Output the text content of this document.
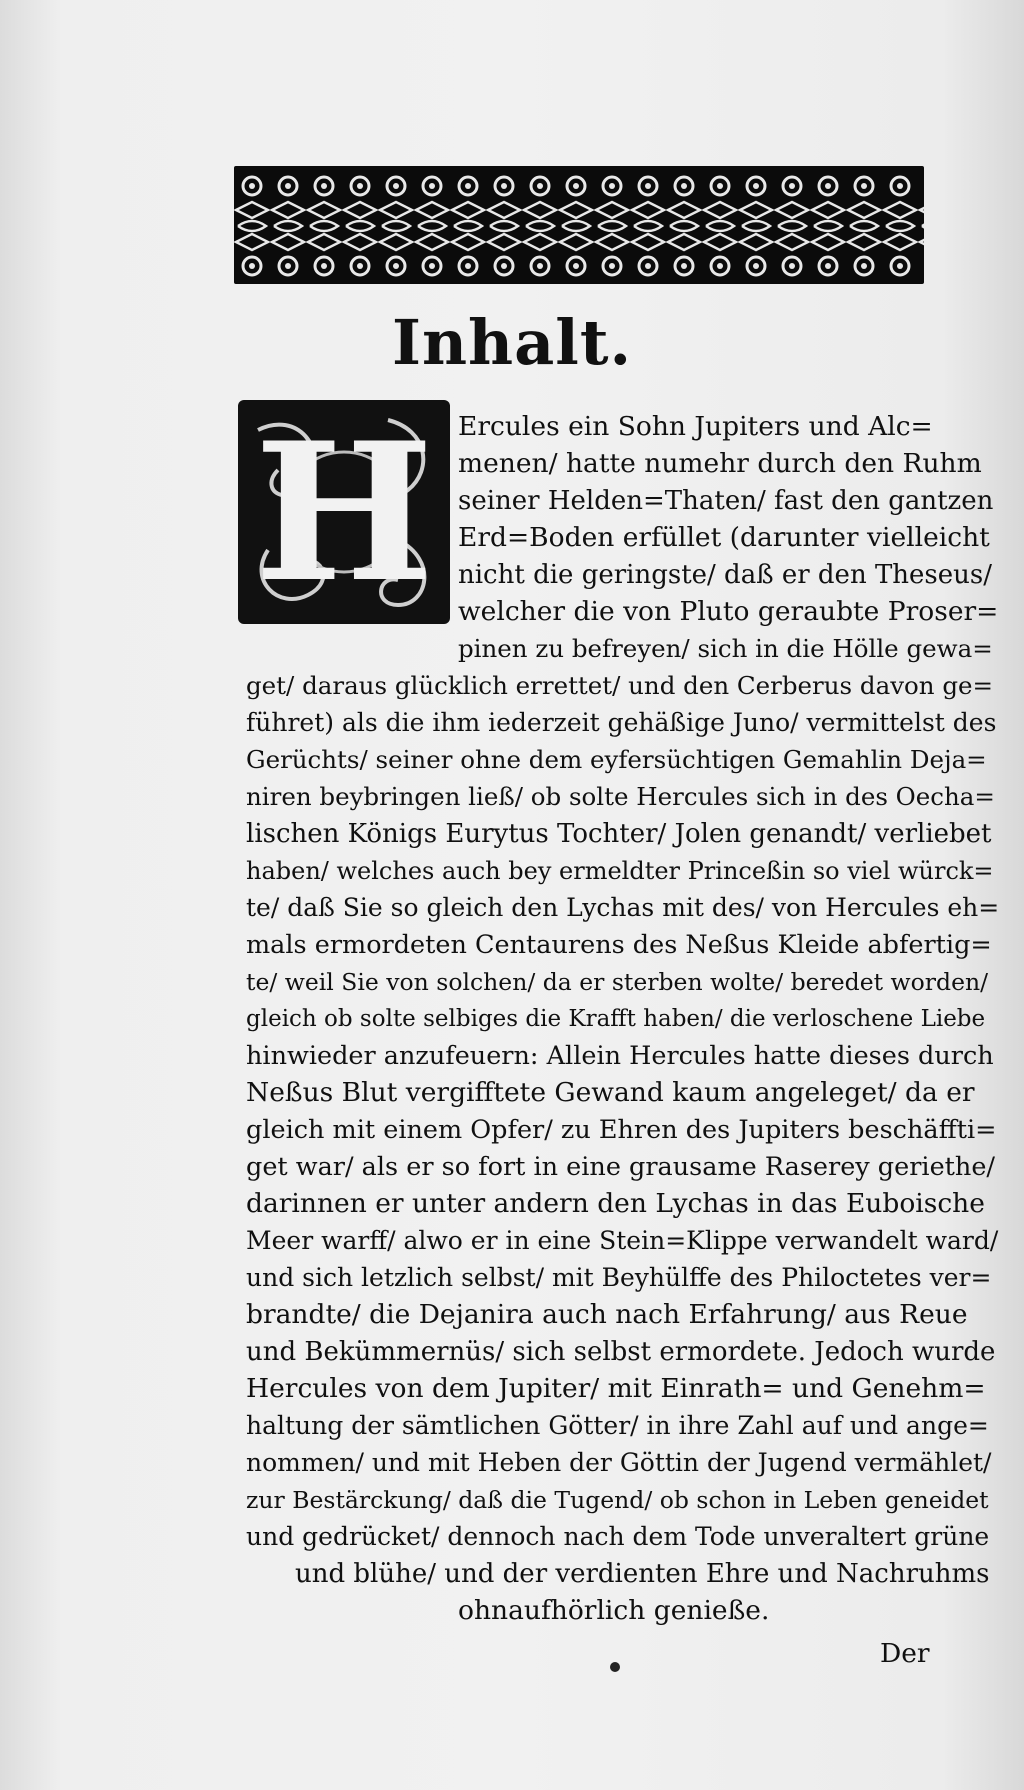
Inhalt.
H Ercules ein Sohn Jupiters und Alc=
menen/ hatte numehr durch den Ruhm
seiner Helden=Thaten/ fast den gantzen
Erd=Boden erfüllet (darunter vielleicht
nicht die geringste/ daß er den Theseus/
welcher die von Pluto geraubte Proser=
pinen zu befreyen/ sich in die Hölle gewa=
get/ daraus glücklich errettet/ und den Cerberus davon ge=
führet) als die ihm iederzeit gehäßige Juno/ vermittelst des
Gerüchts/ seiner ohne dem eyfersüchtigen Gemahlin Deja=
niren beybringen ließ/ ob solte Hercules sich in des Oecha=
lischen Königs Eurytus Tochter/ Jolen genandt/ verliebet
haben/ welches auch bey ermeldter Princeßin so viel würck=
te/ daß Sie so gleich den Lychas mit des/ von Hercules eh=
mals ermordeten Centaurens des Neßus Kleide abfertig=
te/ weil Sie von solchen/ da er sterben wolte/ beredet worden/
gleich ob solte selbiges die Krafft haben/ die verloschene Liebe
hinwieder anzufeuern: Allein Hercules hatte dieses durch
Neßus Blut vergifftete Gewand kaum angeleget/ da er
gleich mit einem Opfer/ zu Ehren des Jupiters beschäffti=
get war/ als er so fort in eine grausame Raserey geriethe/
darinnen er unter andern den Lychas in das Euboische
Meer warff/ alwo er in eine Stein=Klippe verwandelt ward/
und sich letzlich selbst/ mit Beyhülffe des Philoctetes ver=
brandte/ die Dejanira auch nach Erfahrung/ aus Reue
und Bekümmernüs/ sich selbst ermordete. Jedoch wurde
Hercules von dem Jupiter/ mit Einrath= und Genehm=
haltung der sämtlichen Götter/ in ihre Zahl auf und ange=
nommen/ und mit Heben der Göttin der Jugend vermählet/
zur Bestärckung/ daß die Tugend/ ob schon in Leben geneidet
und gedrücket/ dennoch nach dem Tode unveraltert grüne
und blühe/ und der verdienten Ehre und Nachruhms
ohnaufhörlich genieße.
Der
